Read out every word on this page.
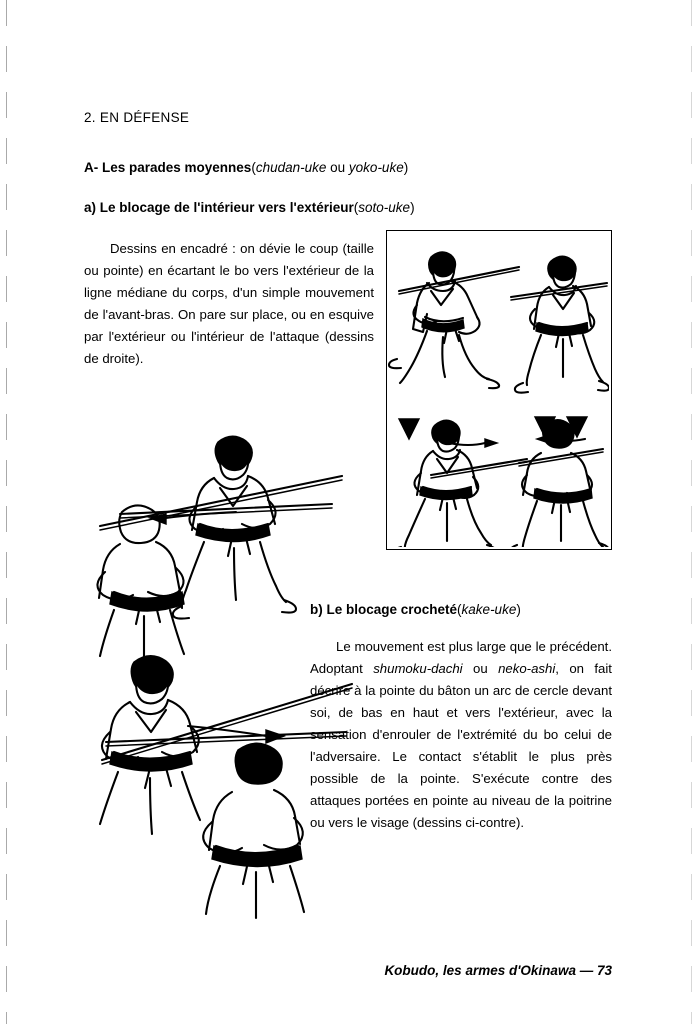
2. EN DÉFENSE
A- Les parades moyennes(chudan-uke ou yoko-uke)
a) Le blocage de l'intérieur vers l'extérieur(soto-uke)
Dessins en encadré : on dévie le coup (taille ou pointe) en écartant le bo vers l'extérieur de la ligne médiane du corps, d'un simple mouvement de l'avant-bras. On pare sur place, ou en esquive par l'extérieur ou l'intérieur de l'attaque (dessins de droite).
b) Le blocage crocheté(kake-uke)
Le mouvement est plus large que le précédent. Adoptant shumoku-dachi ou neko-ashi, on fait décrire à la pointe du bâton un arc de cercle devant soi, de bas en haut et vers l'extérieur, avec la sensation d'enrouler de l'extrémité du bo celui de l'adversaire. Le contact s'établit le plus près possible de la pointe. S'exécute contre des attaques portées en pointe au niveau de la poitrine ou vers le visage (dessins ci-contre).
Kobudo, les armes d'Okinawa — 73
